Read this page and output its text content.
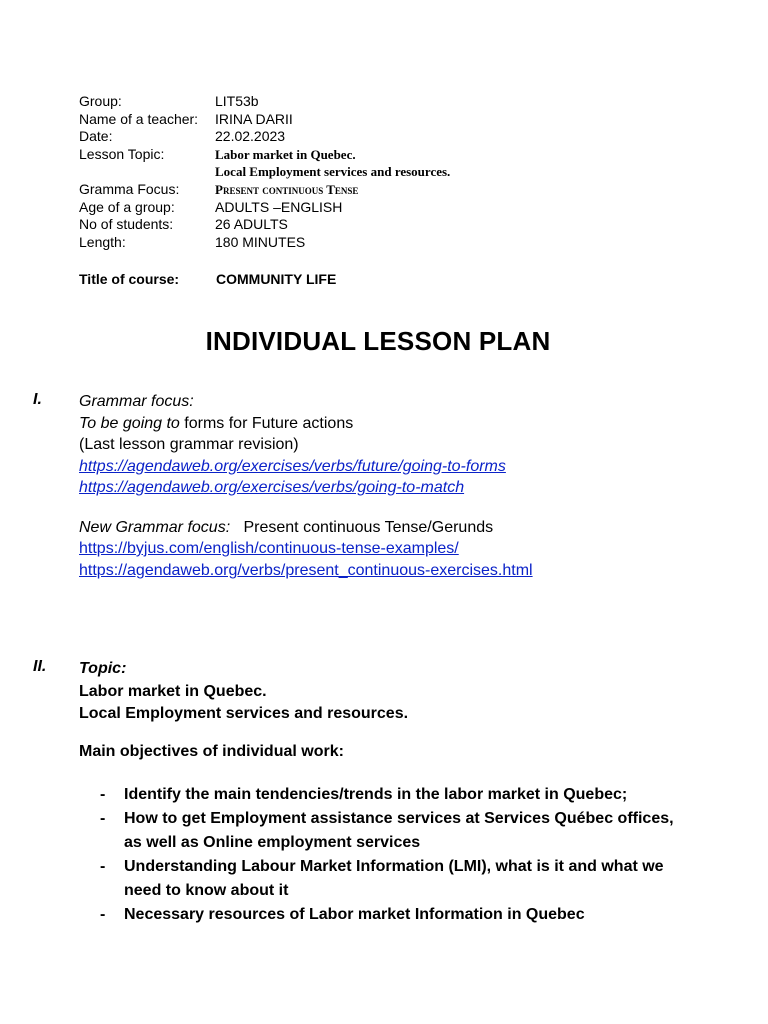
Group:	LIT53b
Name of a teacher:	IRINA DARII
Date:	22.02.2023
Lesson Topic:	Labor market in Quebec.
Local Employment services and resources.
Gramma Focus:	Present continuous Tense
Age of a group:	ADULTS –ENGLISH
No of students:	26 ADULTS
Length:	180 MINUTES
Title of course:	COMMUNITY LIFE
INDIVIDUAL LESSON PLAN
I. Grammar focus:
To be going to forms for Future actions
(Last lesson grammar revision)
https://agendaweb.org/exercises/verbs/future/going-to-forms
https://agendaweb.org/exercises/verbs/going-to-match
New Grammar focus:   Present continuous Tense/Gerunds
https://byjus.com/english/continuous-tense-examples/
https://agendaweb.org/verbs/present_continuous-exercises.html
II. Topic:
Labor market in Quebec.
Local Employment services and resources.
Main objectives of individual work:
-	Identify the main tendencies/trends in the labor market in Quebec;
-	How to get Employment assistance services at Services Québec offices, as well as Online employment services
-	Understanding Labour Market Information (LMI), what is it and what we need to know about it
-	Necessary resources of Labor market Information in Quebec
